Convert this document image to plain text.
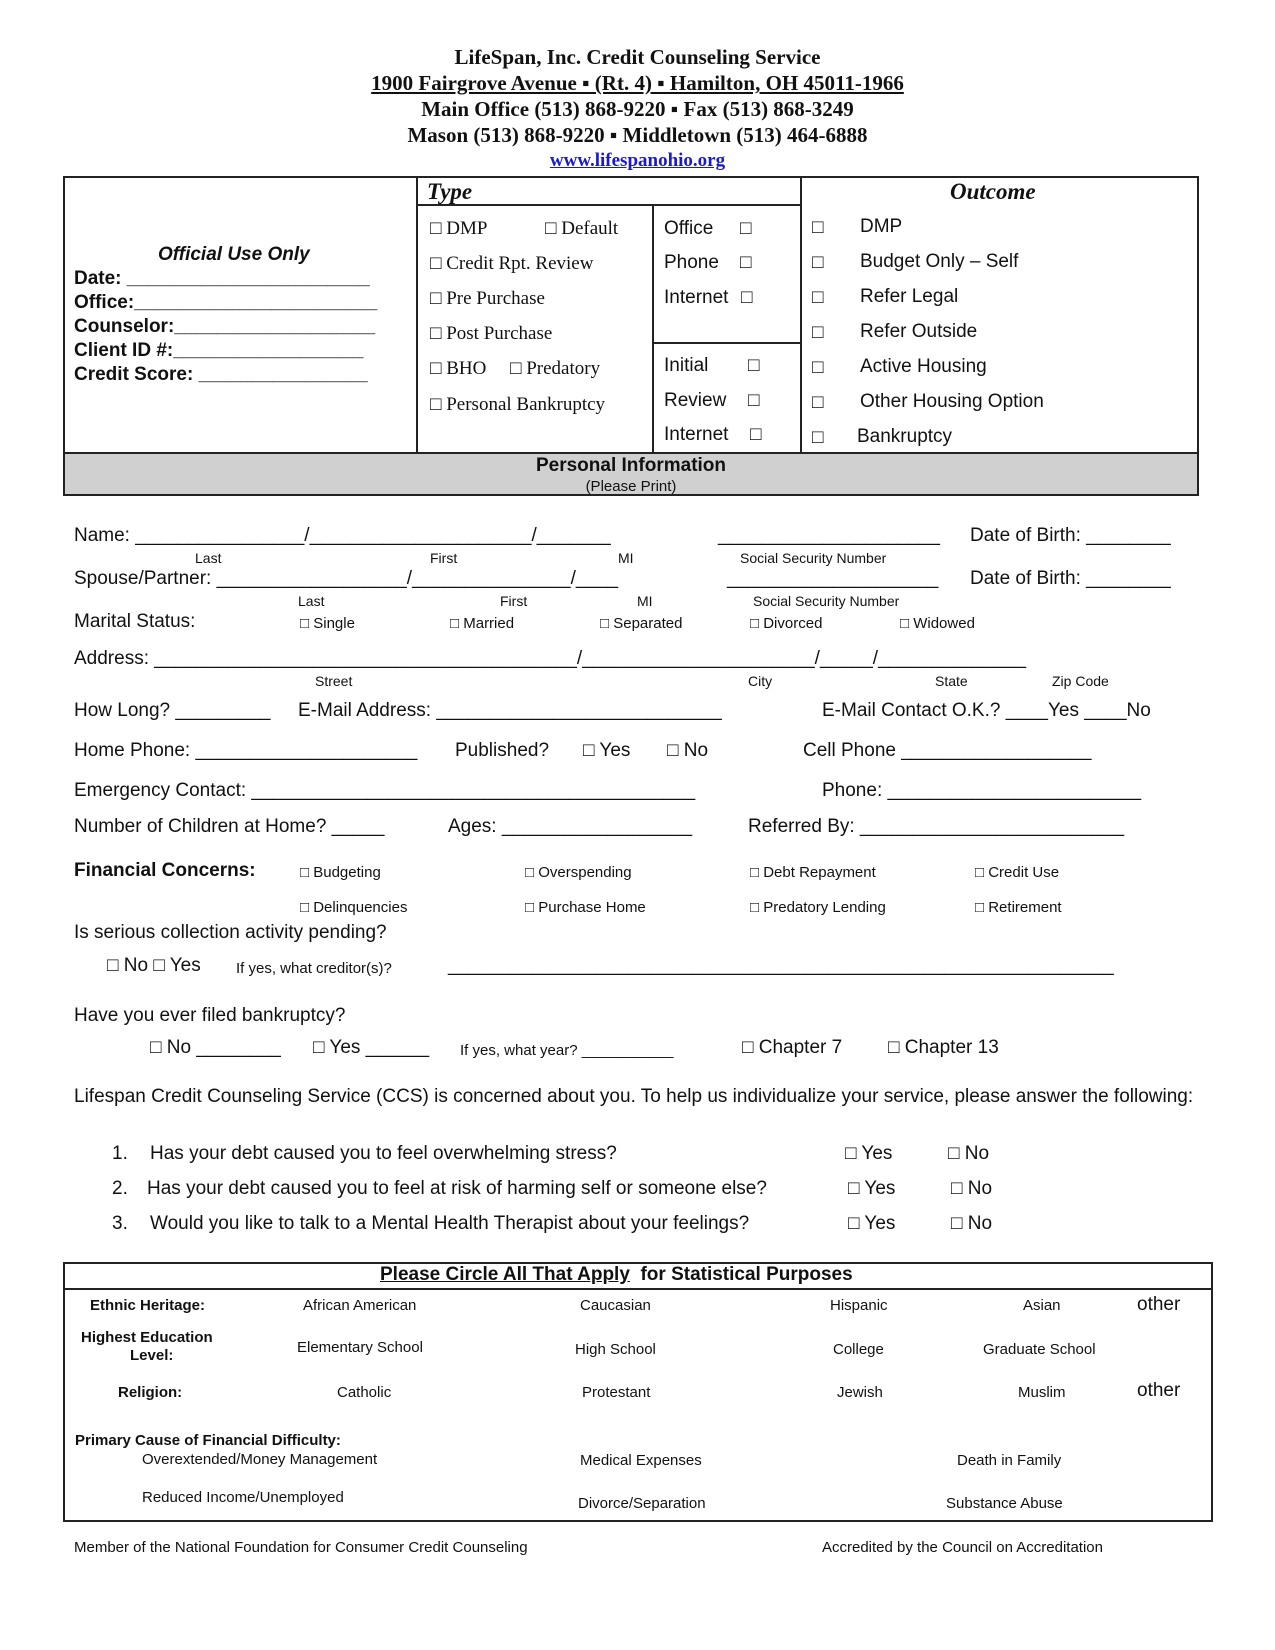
LifeSpan, Inc. Credit Counseling Service
1900 Fairgrove Avenue ▪ (Rt. 4) ▪ Hamilton, OH 45011-1966
Main Office (513) 868-9220 ▪ Fax (513) 868-3249
Mason (513) 868-9220 ▪ Middletown (513) 464-6888
www.lifespanohio.org
Official Use Only
Date: _______________________
Office:_______________________
Counselor:___________________
Client ID #:__________________
Credit Score: ________________
Type
□ DMP	□ Default
□ Credit Rpt. Review
□ Pre Purchase
□ Post Purchase
□ BHO □ Predatory
□ Personal Bankruptcy
Office □
Phone □
Internet □
Initial □
Review □
Internet □
Outcome
□ DMP
□ Budget Only – Self
□ Refer Legal
□ Refer Outside
□ Active Housing
□ Other Housing Option
□ Bankruptcy
Personal Information
(Please Print)
Name: ________________/_____________________/_______
Last	First	MI
_____________________
Social Security Number
Date of Birth: ________
Spouse/Partner: __________________/_______________/____
Last	First	MI
____________________
Social Security Number
Date of Birth: ________
Marital Status:	□ Single	□ Married	□ Separated	□ Divorced	□ Widowed
Address: ________________________________________/______________________/_____/______________
Street	City	State	Zip Code
How Long? _________ E-Mail Address: ___________________________	E-Mail Contact O.K.? ____Yes ____No
Home Phone: _____________________ Published? □ Yes □ No	Cell Phone __________________
Emergency Contact: __________________________________________	Phone: ________________________
Number of Children at Home? _____	Ages: __________________	Referred By: _________________________
Financial Concerns:	□ Budgeting	□ Overspending	□ Debt Repayment	□ Credit Use
□ Delinquencies	□ Purchase Home	□ Predatory Lending	□ Retirement
Is serious collection activity pending?
□ No □ Yes If yes, what creditor(s)?	_______________________________________________________________
Have you ever filed bankruptcy?
□ No ________ □ Yes ______ If yes, what year? ___________	□ Chapter 7 □ Chapter 13
Lifespan Credit Counseling Service (CCS) is concerned about you. To help us individualize your service, please answer the following:
1. Has your debt caused you to feel overwhelming stress?	□ Yes	□ No
2. Has your debt caused you to feel at risk of harming self or someone else?	□ Yes	□ No
3. Would you like to talk to a Mental Health Therapist about your feelings?	□ Yes	□ No
Please Circle All That Apply  for Statistical Purposes
Ethnic Heritage:	African American	Caucasian	Hispanic	Asian	other
Highest Education
Level:	Elementary School	High School	College	Graduate School
Religion:	Catholic	Protestant	Jewish	Muslim	other
Primary Cause of Financial Difficulty:
Overextended/Money Management	Medical Expenses	Death in Family
Reduced Income/Unemployed	Divorce/Separation	Substance Abuse
Member of the National Foundation for Consumer Credit Counseling	Accredited by the Council on Accreditation
